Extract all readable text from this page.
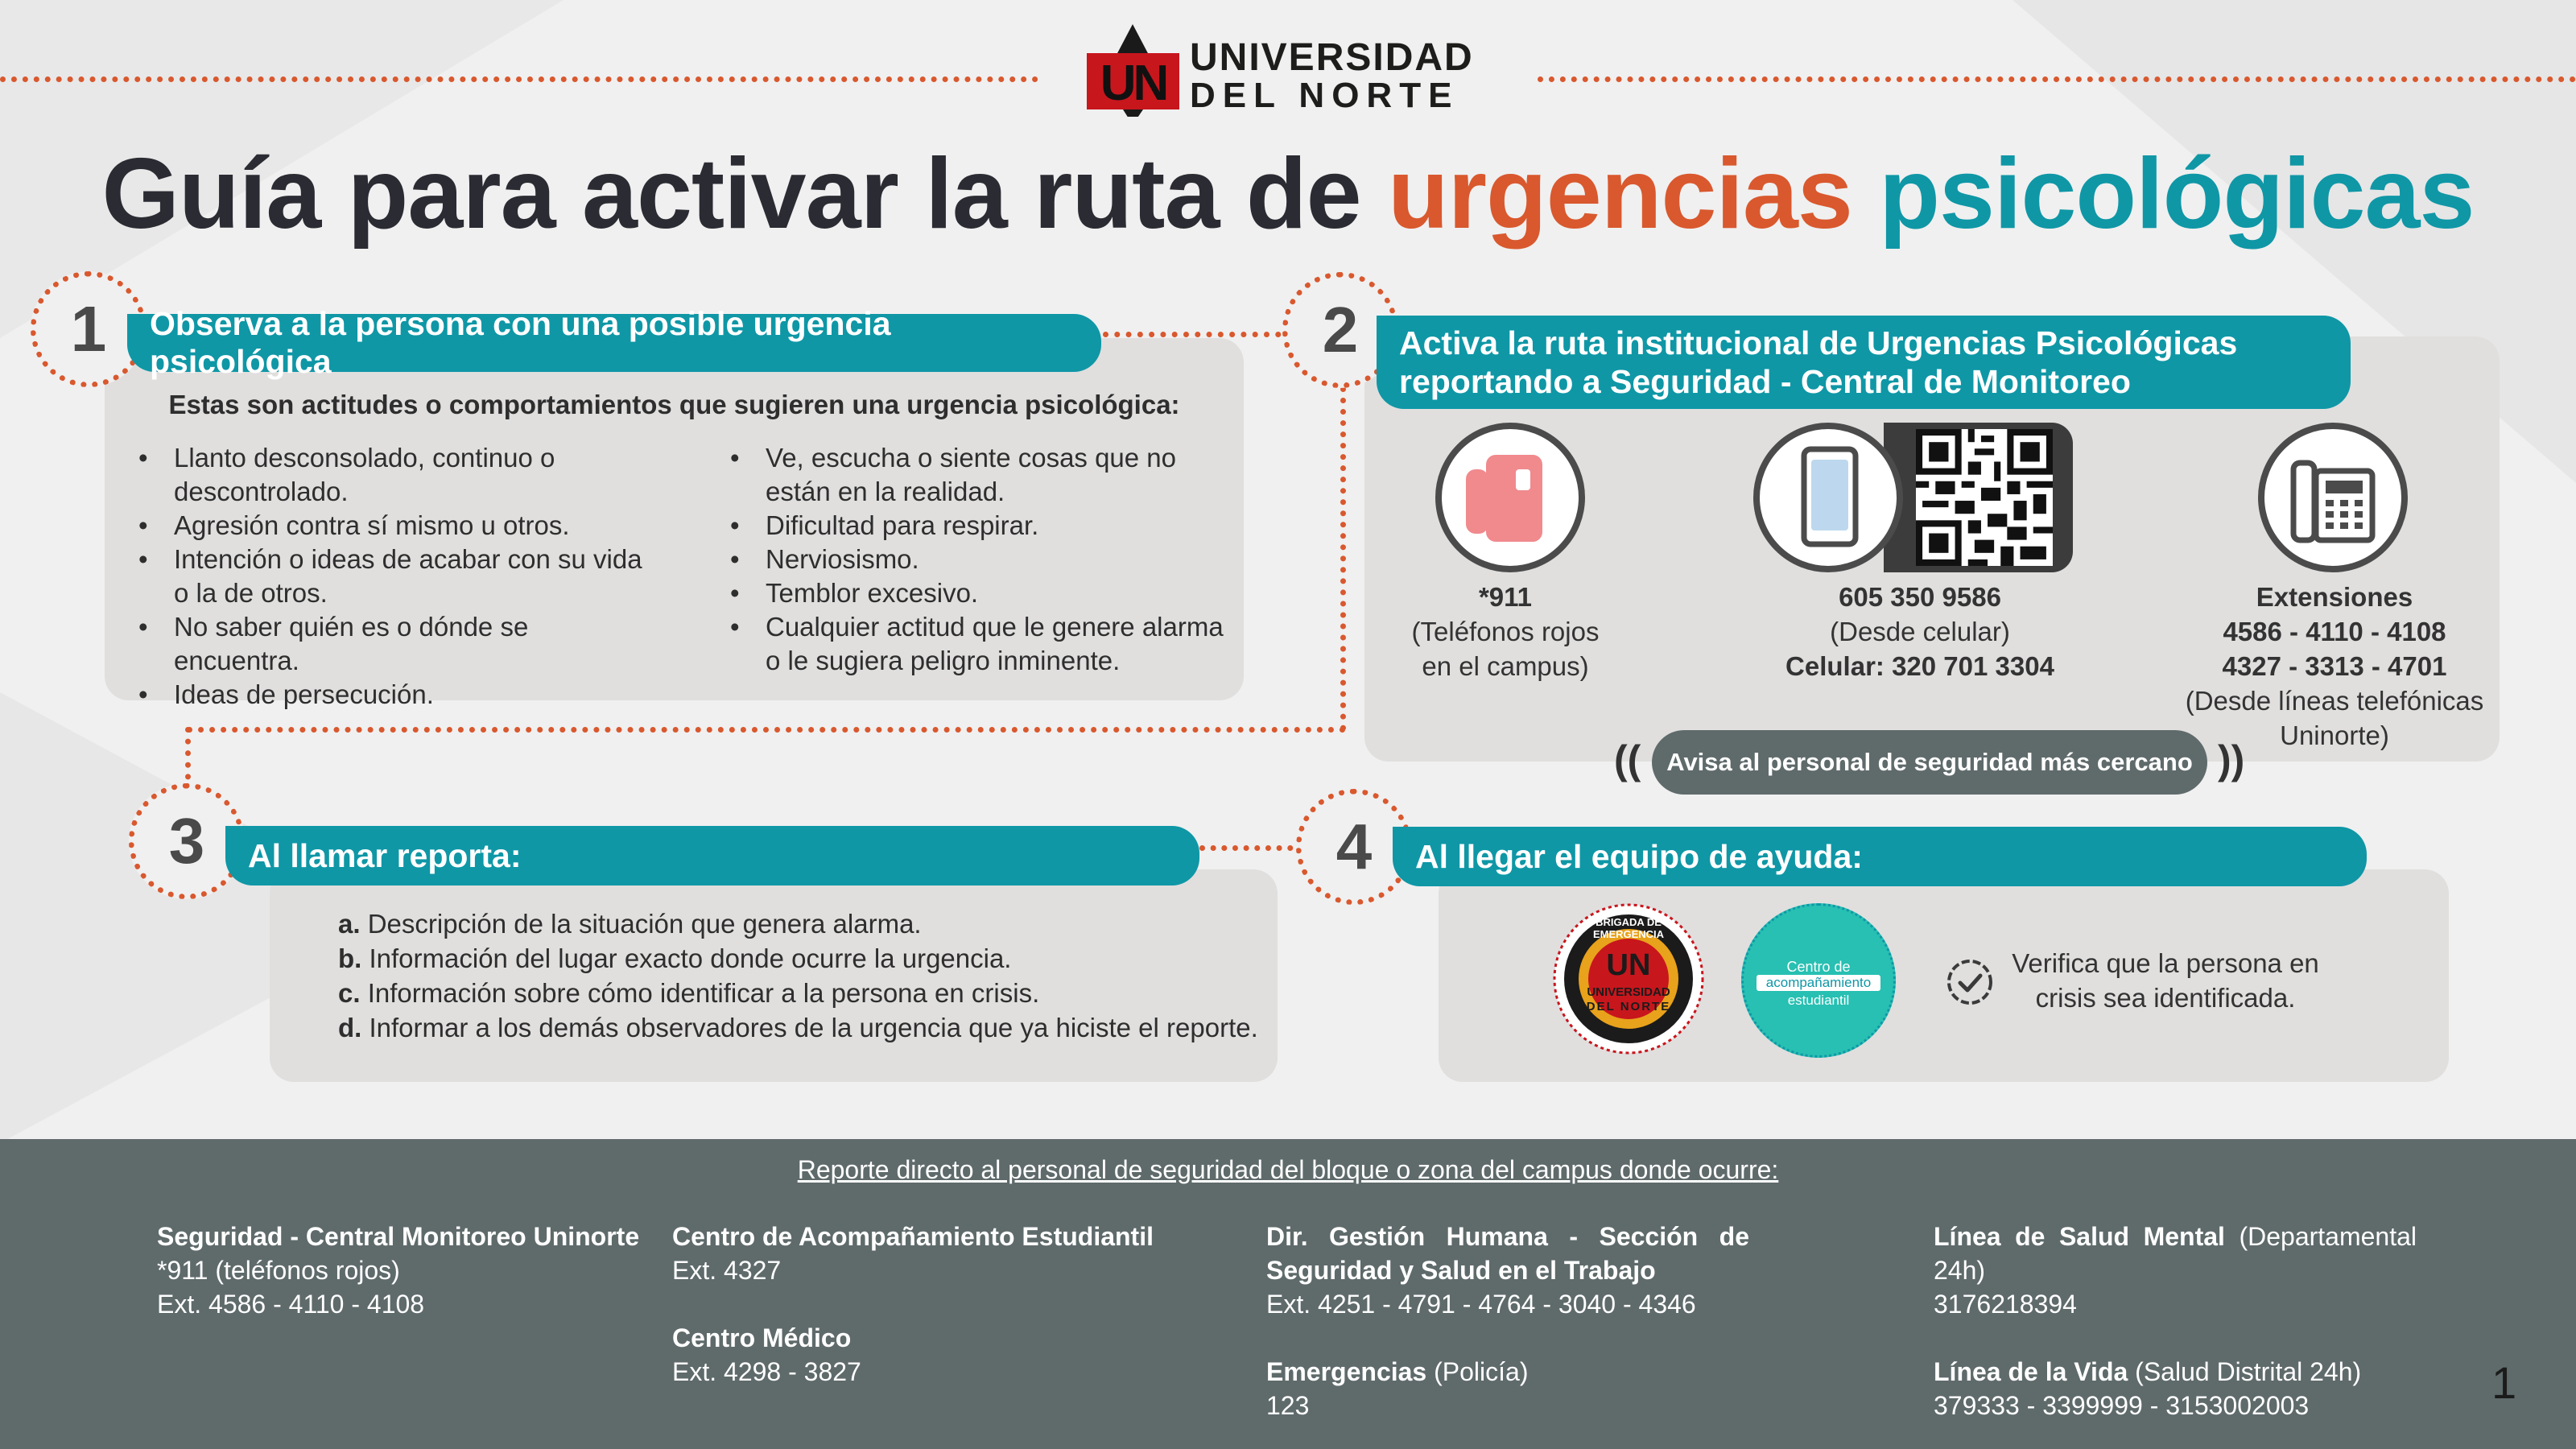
UN UNIVERSIDAD
DEL NORTE
Guía para activar la ruta de urgencias psicológicas
1	Observa a la persona con una posible urgencia psicológica
Estas son actitudes o comportamientos que sugieren una urgencia psicológica:
• Llanto desconsolado, continuo o descontrolado.
• Agresión contra sí mismo u otros.
• Intención o ideas de acabar con su vida o la de otros.
• No saber quién es o dónde se encuentra.
• Ideas de persecución.
• Ve, escucha o siente cosas que no están en la realidad.
• Dificultad para respirar.
• Nerviosismo.
• Temblor excesivo.
• Cualquier actitud que le genere alarma o le sugiera peligro inminente.
2	Activa la ruta institucional de Urgencias Psicológicas
reportando a Seguridad - Central de Monitoreo
*911
(Teléfonos rojos
en el campus)
605 350 9586
(Desde celular)
Celular: 320 701 3304
Extensiones
4586 - 4110 - 4108
4327 - 3313 - 4701
(Desde líneas telefónicas
Uninorte)
((	Avisa al personal de seguridad más cercano ))
3	Al llamar reporta:
a. Descripción de la situación que genera alarma.
b. Información del lugar exacto donde ocurre la urgencia.
c. Información sobre cómo identificar a la persona en crisis.
d. Informar a los demás observadores de la urgencia que ya hiciste el reporte.
4	Al llegar el equipo de ayuda:
BRIGADA DE EMERGENCIA
UN
UNIVERSIDAD
DEL NORTE
Centro de
acompañamiento
estudiantil
Verifica que la persona en
crisis sea identificada.
Reporte directo al personal de seguridad del bloque o zona del campus donde ocurre:
Seguridad - Central Monitoreo Uninorte
*911 (teléfonos rojos)
Ext. 4586 - 4110 - 4108
Centro de Acompañamiento Estudiantil
Ext. 4327
Centro Médico
Ext. 4298 - 3827
Dir. Gestión Humana - Sección de
Seguridad y Salud en el Trabajo
Ext. 4251 - 4791 - 4764 - 3040 - 4346
Emergencias (Policía)
123
Línea de Salud Mental (Departamental
24h)
3176218394
Línea de la Vida (Salud Distrital 24h)
379333 - 3399999 - 3153002003	1
